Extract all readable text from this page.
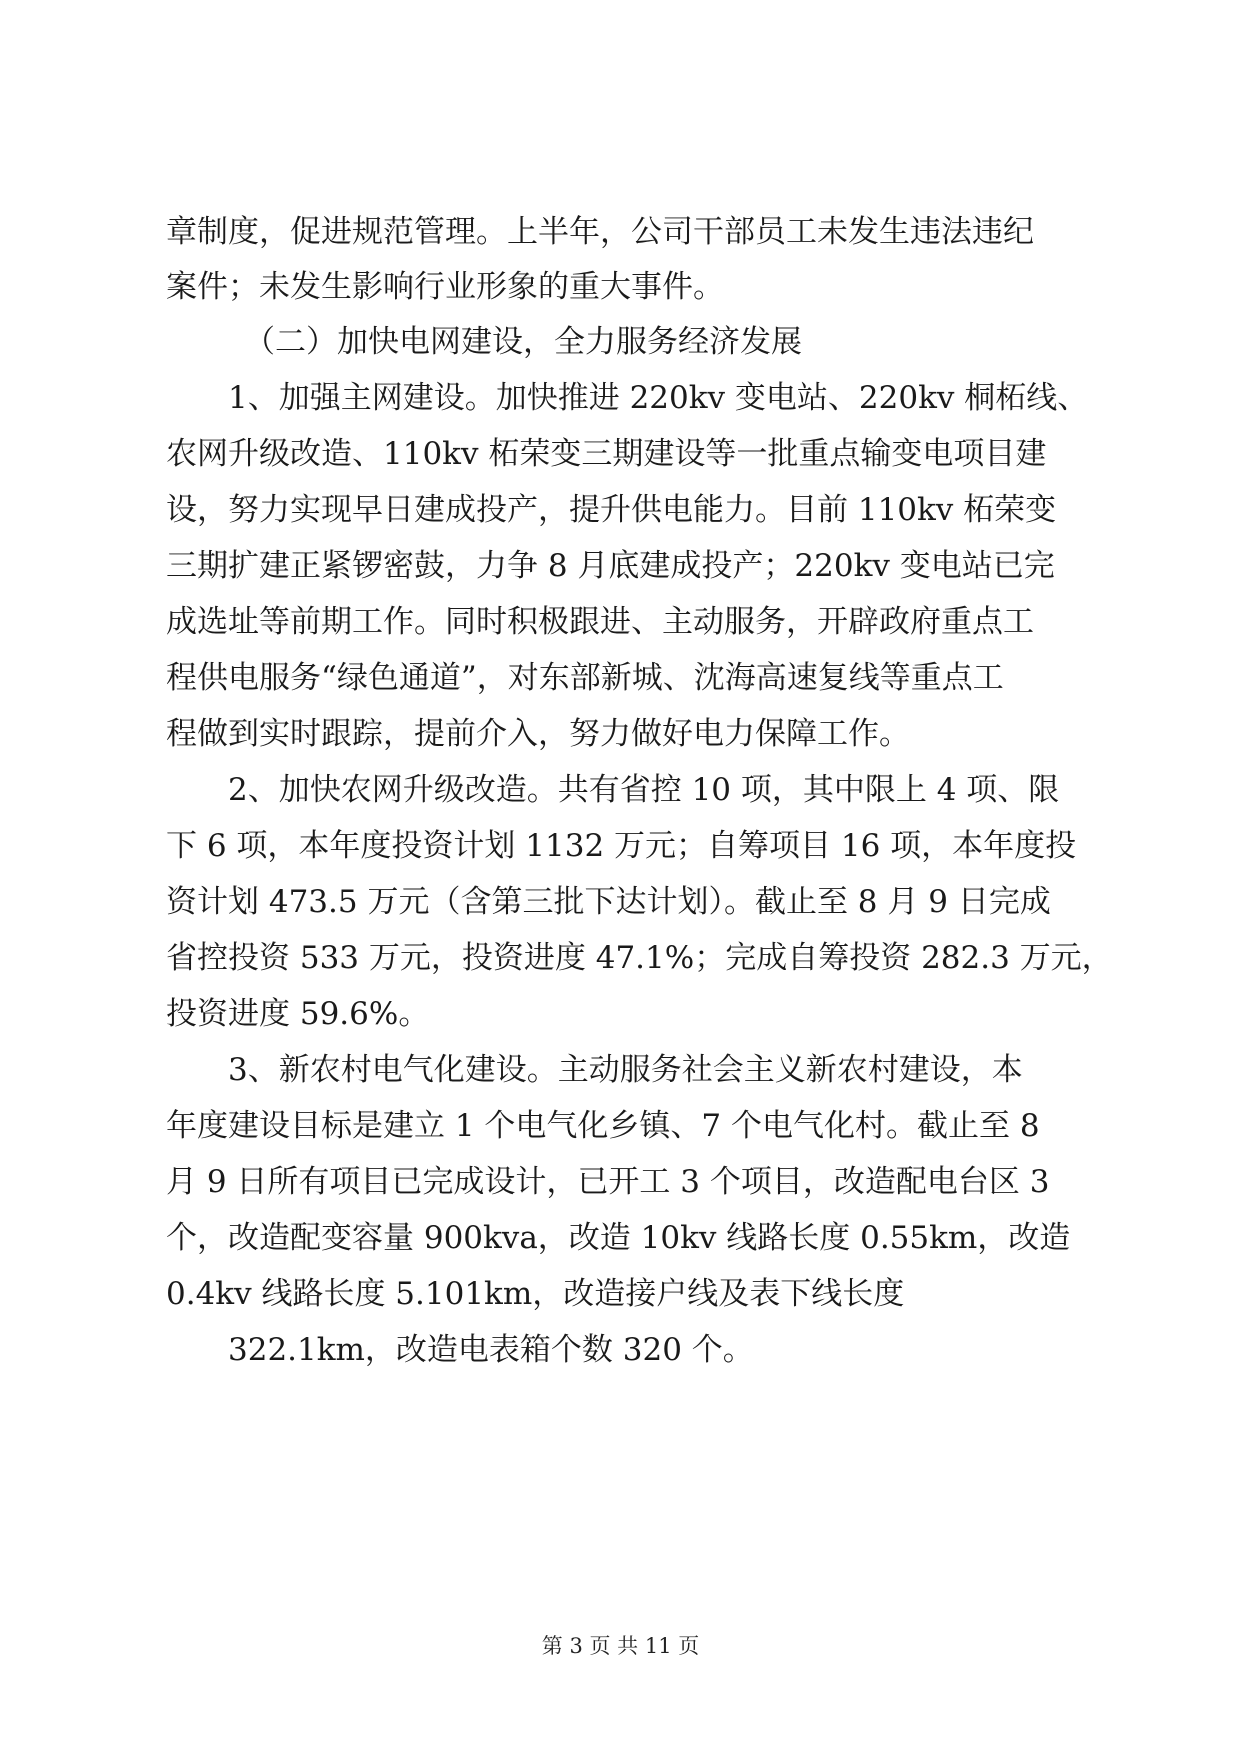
章制度，促进规范管理。上半年，公司干部员工未发生违法违纪
案件；未发生影响行业形象的重大事件。
（二）加快电网建设，全力服务经济发展
1、加强主网建设。加快推进 220kv 变电站、220kv 桐柘线、
农网升级改造、110kv 柘荣变三期建设等一批重点输变电项目建
设，努力实现早日建成投产，提升供电能力。目前 110kv 柘荣变
三期扩建正紧锣密鼓，力争 8 月底建成投产；220kv 变电站已完
成选址等前期工作。同时积极跟进、主动服务，开辟政府重点工
程供电服务“绿色通道”，对东部新城、沈海高速复线等重点工
程做到实时跟踪，提前介入，努力做好电力保障工作。
2、加快农网升级改造。共有省控 10 项，其中限上 4 项、限
下 6 项，本年度投资计划 1132 万元；自筹项目 16 项，本年度投
资计划 473.5 万元（含第三批下达计划）。截止至 8 月 9 日完成
省控投资 533 万元，投资进度 47.1%；完成自筹投资 282.3 万元，
投资进度 59.6%。
3、新农村电气化建设。主动服务社会主义新农村建设，本
年度建设目标是建立 1 个电气化乡镇、7 个电气化村。截止至 8
月 9 日所有项目已完成设计，已开工 3 个项目，改造配电台区 3
个，改造配变容量 900kva，改造 10kv 线路长度 0.55km，改造
0.4kv 线路长度 5.101km，改造接户线及表下线长度
322.1km，改造电表箱个数 320 个。
第 3 页 共 11 页
